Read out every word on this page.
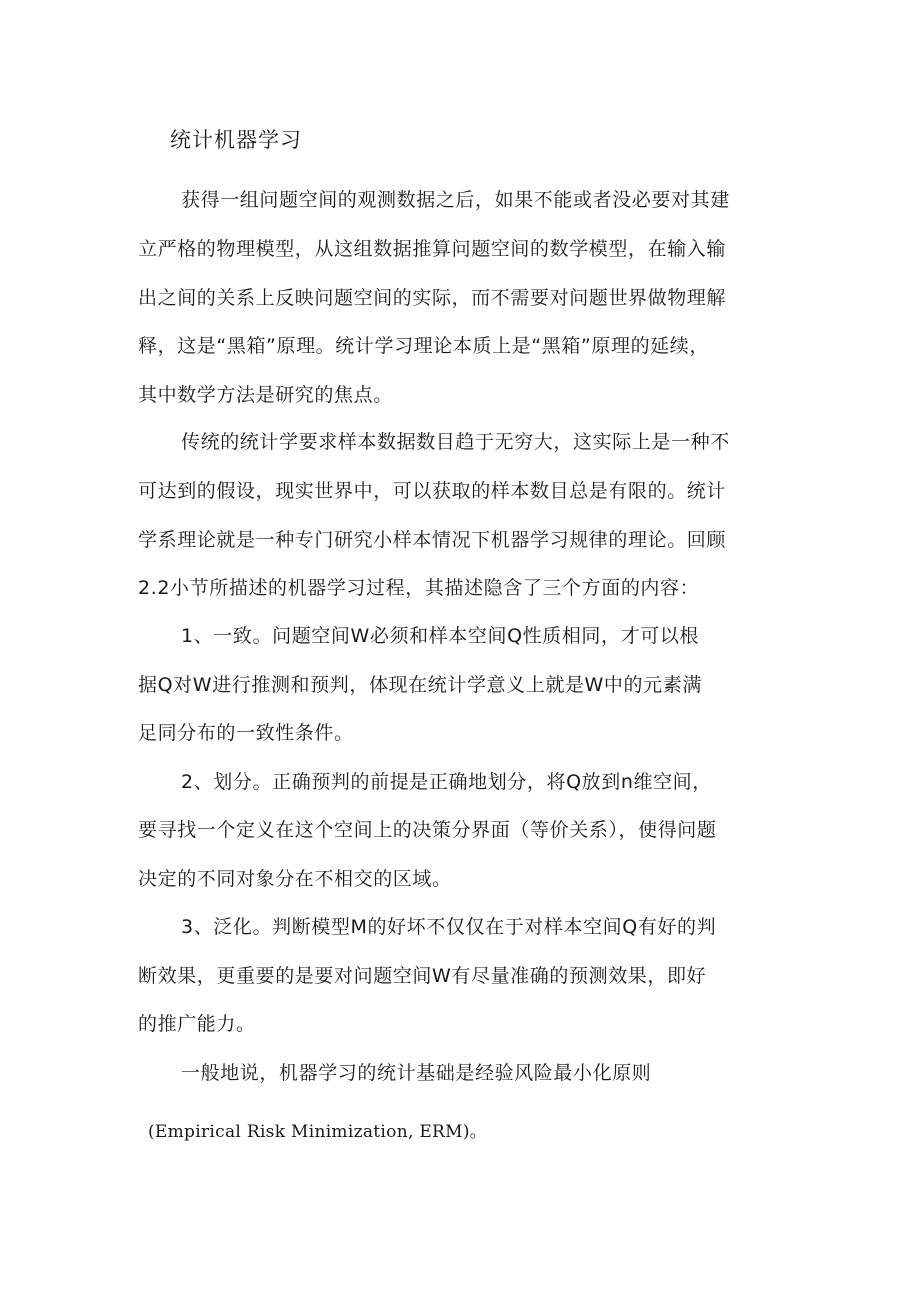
统计机器学习
获得一组问题空间的观测数据之后，如果不能或者没必要对其建
立严格的物理模型，从这组数据推算问题空间的数学模型，在输入输
出之间的关系上反映问题空间的实际，而不需要对问题世界做物理解
释，这是“黑箱”原理。统计学习理论本质上是“黑箱”原理的延续，
其中数学方法是研究的焦点。
传统的统计学要求样本数据数目趋于无穷大，这实际上是一种不
可达到的假设，现实世界中，可以获取的样本数目总是有限的。统计
学系理论就是一种专门研究小样本情况下机器学习规律的理论。回顾
2.2小节所描述的机器学习过程，其描述隐含了三个方面的内容：
1、一致。问题空间W必须和样本空间Q性质相同，才可以根
据Q对W进行推测和预判，体现在统计学意义上就是W中的元素满
足同分布的一致性条件。
2、划分。正确预判的前提是正确地划分，将Q放到n维空间，
要寻找一个定义在这个空间上的决策分界面（等价关系），使得问题
决定的不同对象分在不相交的区域。
3、泛化。判断模型M的好坏不仅仅在于对样本空间Q有好的判
断效果，更重要的是要对问题空间W有尽量准确的预测效果，即好
的推广能力。
一般地说，机器学习的统计基础是经验风险最小化原则
(Empirical Risk Minimization, ERM)。
